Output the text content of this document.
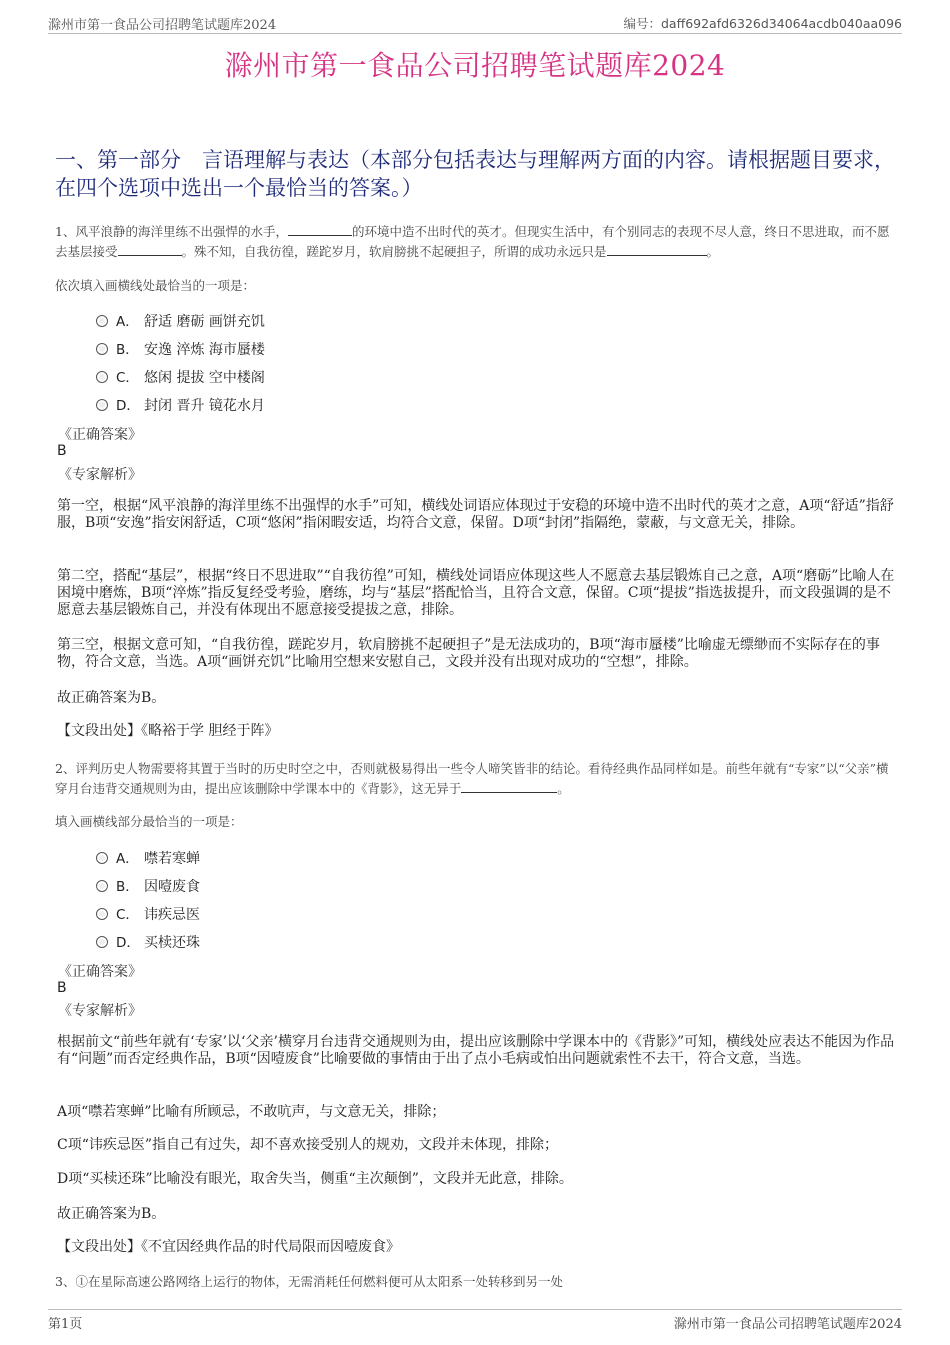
滁州市第一食品公司招聘笔试题库2024	编号：daff692afd6326d34064acdb040aa096
滁州市第一食品公司招聘笔试题库2024
一、第一部分　言语理解与表达（本部分包括表达与理解两方面的内容。请根据题目要求，在四个选项中选出一个最恰当的答案。）
1、风平浪静的海洋里练不出强悍的水手，	的环境中造不出时代的英才。但现实生活中，有个别同志的表现不尽人意，终日不思进取，而不愿去基层接受	。殊不知，自我彷徨，蹉跎岁月，软肩膀挑不起硬担子，所谓的成功永远只是	。
依次填入画横线处最恰当的一项是：
A． 舒适 磨砺 画饼充饥
B． 安逸 淬炼 海市蜃楼
C． 悠闲 提拔 空中楼阁
D． 封闭 晋升 镜花水月
《正确答案》
B
《专家解析》
第一空，根据“风平浪静的海洋里练不出强悍的水手”可知，横线处词语应体现过于安稳的环境中造不出时代的英才之意，A项“舒适”指舒服，B项“安逸”指安闲舒适，C项“悠闲”指闲暇安适，均符合文意，保留。D项“封闭”指隔绝，蒙蔽，与文意无关，排除。
第二空，搭配“基层”，根据“终日不思进取”“自我彷徨”可知，横线处词语应体现这些人不愿意去基层锻炼自己之意，A项“磨砺”比喻人在困境中磨炼，B项“淬炼”指反复经受考验，磨练，均与“基层”搭配恰当，且符合文意，保留。C项“提拔”指选拔提升，而文段强调的是不愿意去基层锻炼自己，并没有体现出不愿意接受提拔之意，排除。
第三空，根据文意可知，“自我彷徨，蹉跎岁月，软肩膀挑不起硬担子”是无法成功的，B项“海市蜃楼”比喻虚无缥缈而不实际存在的事物，符合文意，当选。A项“画饼充饥”比喻用空想来安慰自己，文段并没有出现对成功的“空想”，排除。
故正确答案为B。
【文段出处】《略裕于学 胆经于阵》
2、评判历史人物需要将其置于当时的历史时空之中，否则就极易得出一些令人啼笑皆非的结论。看待经典作品同样如是。前些年就有“专家”以“父亲”横穿月台违背交通规则为由，提出应该删除中学课本中的《背影》，这无异于	。
填入画横线部分最恰当的一项是：
A． 噤若寒蝉
B． 因噎废食
C． 讳疾忌医
D． 买椟还珠
《正确答案》
B
《专家解析》
根据前文“前些年就有‘专家’以‘父亲’横穿月台违背交通规则为由，提出应该删除中学课本中的《背影》”可知，横线处应表达不能因为作品有“问题”而否定经典作品，B项“因噎废食”比喻要做的事情由于出了点小毛病或怕出问题就索性不去干，符合文意，当选。
A项“噤若寒蝉”比喻有所顾忌，不敢吭声，与文意无关，排除；
C项“讳疾忌医”指自己有过失，却不喜欢接受别人的规劝，文段并未体现，排除；
D项“买椟还珠”比喻没有眼光，取舍失当，侧重“主次颠倒”，文段并无此意，排除。
故正确答案为B。
【文段出处】《不宜因经典作品的时代局限而因噎废食》
3、①在星际高速公路网络上运行的物体，无需消耗任何燃料便可从太阳系一处转移到另一处
第1页	滁州市第一食品公司招聘笔试题库2024
